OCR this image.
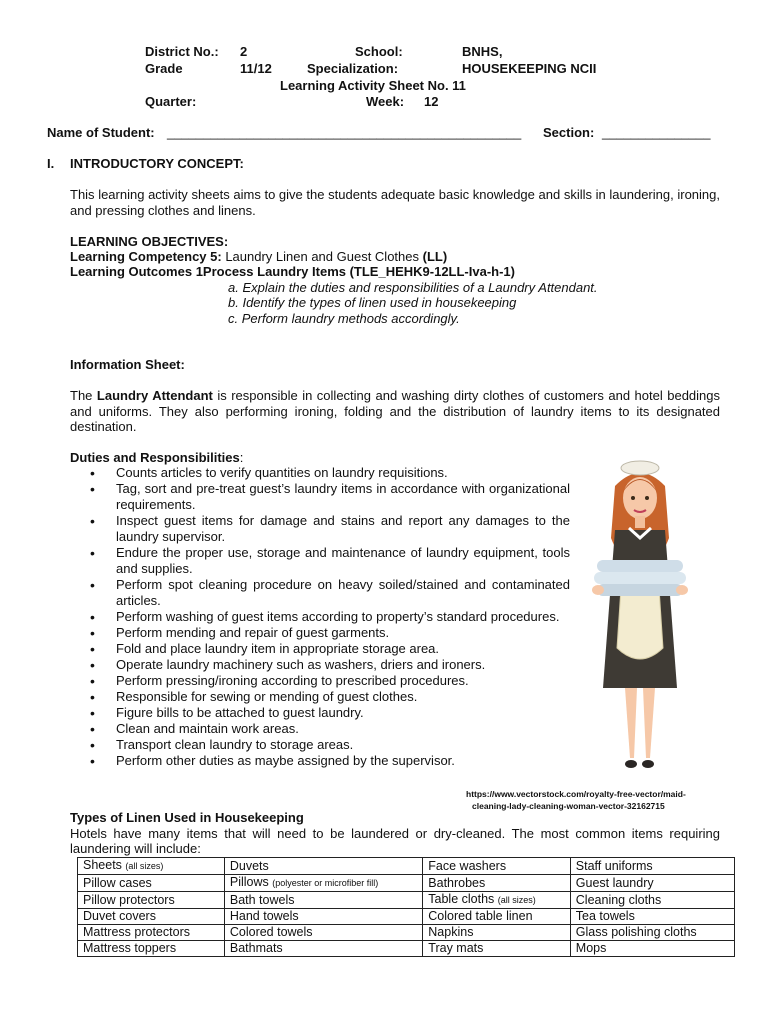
District No.: 2	School:	BNHS,
Grade	11/12	Specialization:	HOUSEKEEPING NCII
Learning Activity Sheet No. 11
Quarter:	Week: 12
Name of Student: _________________________________________________ Section: _______________
I. INTRODUCTORY CONCEPT:
This learning activity sheets aims to give the students adequate basic knowledge and skills in laundering, ironing, and pressing clothes and linens.
LEARNING OBJECTIVES:
Learning Competency 5: Laundry Linen and Guest Clothes (LL)
Learning Outcomes 1Process Laundry Items (TLE_HEHK9-12LL-Iva-h-1)
a. Explain the duties and responsibilities of a Laundry Attendant.
b. Identify the types of linen used in housekeeping
c. Perform laundry methods accordingly.
Information Sheet:
The Laundry Attendant is responsible in collecting and washing dirty clothes of customers and hotel beddings and uniforms. They also performing ironing, folding and the distribution of laundry items to its designated destination.
Duties and Responsibilities:
• Counts articles to verify quantities on laundry requisitions.
• Tag, sort and pre-treat guest’s laundry items in accordance with organizational requirements.
• Inspect guest items for damage and stains and report any damages to the laundry supervisor.
• Endure the proper use, storage and maintenance of laundry equipment, tools and supplies.
• Perform spot cleaning procedure on heavy soiled/stained and contaminated articles.
• Perform washing of guest items according to property’s standard procedures.
• Perform mending and repair of guest garments.
• Fold and place laundry item in appropriate storage area.
• Operate laundry machinery such as washers, driers and ironers.
• Perform pressing/ironing according to prescribed procedures.
• Responsible for sewing or mending of guest clothes.
• Figure bills to be attached to guest laundry.
• Clean and maintain work areas.
• Transport clean laundry to storage areas.
• Perform other duties as maybe assigned by the supervisor.
https://www.vectorstock.com/royalty-free-vector/maid-
cleaning-lady-cleaning-woman-vector-32162715
Types of Linen Used in Housekeeping
Hotels have many items that will need to be laundered or dry-cleaned. The most common items requiring laundering will include:
Sheets (all sizes)	Duvets	Face washers	Staff uniforms
Pillow cases	Pillows (polyester or microfiber fill)	Bathrobes	Guest laundry
Pillow protectors	Bath towels	Table cloths (all sizes)	Cleaning cloths
Duvet covers	Hand towels	Colored table linen	Tea towels
Mattress protectors	Colored towels	Napkins	Glass polishing cloths
Mattress toppers	Bathmats	Tray mats	Mops
